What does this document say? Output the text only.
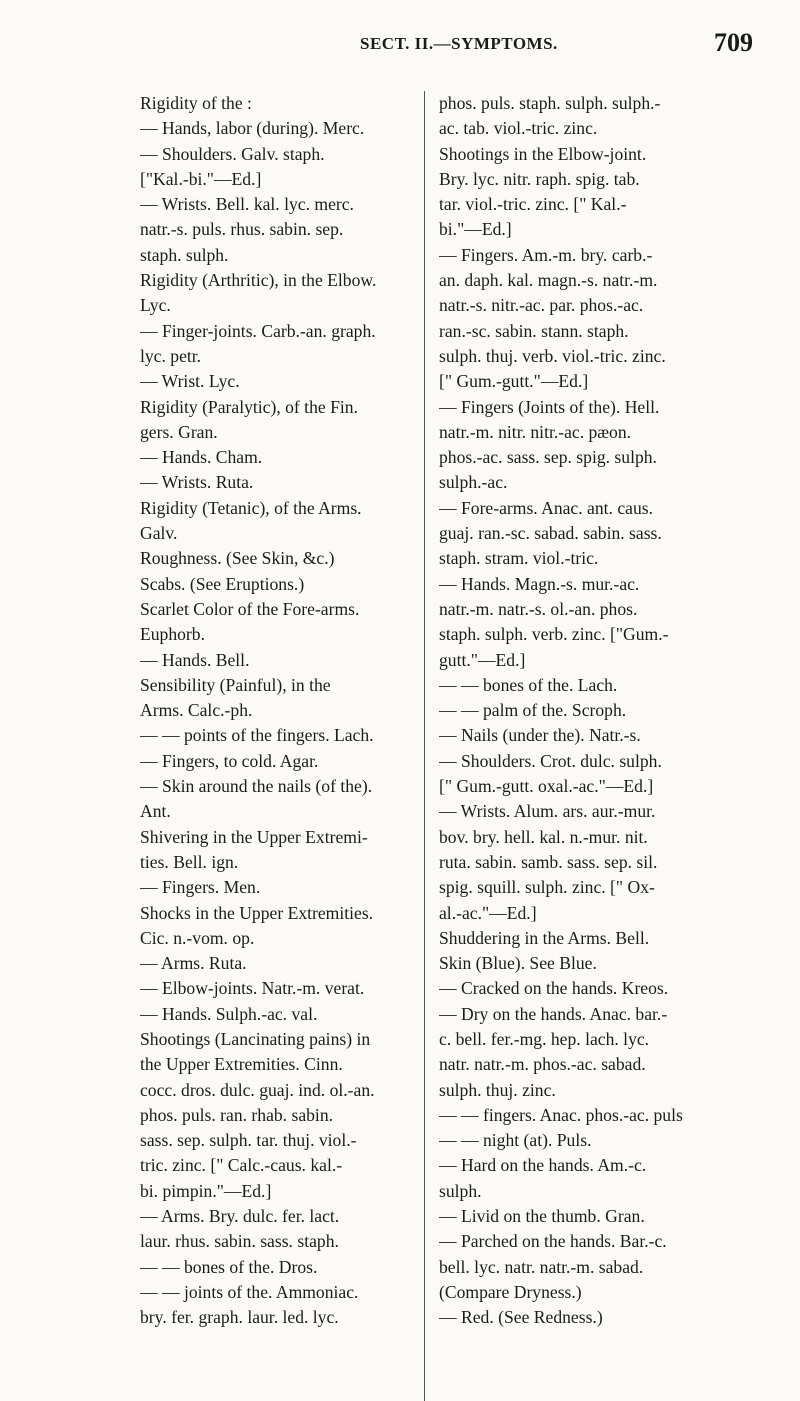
SECT. II.—SYMPTOMS.	709
Rigidity of the :
— Hands, labor (during). Merc.
— Shoulders. Galv. staph.
["Kal.-bi."—Ed.]
— Wrists. Bell. kal. lyc. merc.
natr.-s. puls. rhus. sabin. sep.
staph. sulph.
Rigidity (Arthritic), in the Elbow.
Lyc.
— Finger-joints. Carb.-an. graph.
lyc. petr.
— Wrist. Lyc.
Rigidity (Paralytic), of the Fin.
gers. Gran.
— Hands. Cham.
— Wrists. Ruta.
Rigidity (Tetanic), of the Arms.
Galv.
Roughness. (See Skin, &c.)
Scabs. (See Eruptions.)
Scarlet Color of the Fore-arms.
Euphorb.
— Hands. Bell.
Sensibility (Painful), in the
Arms. Calc.-ph.
— — points of the fingers. Lach.
— Fingers, to cold. Agar.
— Skin around the nails (of the).
Ant.
Shivering in the Upper Extremi-
ties. Bell. ign.
— Fingers. Men.
Shocks in the Upper Extremities.
Cic. n.-vom. op.
— Arms. Ruta.
— Elbow-joints. Natr.-m. verat.
— Hands. Sulph.-ac. val.
Shootings (Lancinating pains) in
the Upper Extremities. Cinn.
cocc. dros. dulc. guaj. ind. ol.-an.
phos. puls. ran. rhab. sabin.
sass. sep. sulph. tar. thuj. viol.-
tric. zinc. [" Calc.-caus. kal.-
bi. pimpin."—Ed.]
— Arms. Bry. dulc. fer. lact.
laur. rhus. sabin. sass. staph.
— — bones of the. Dros.
— — joints of the. Ammoniac.
bry. fer. graph. laur. led. lyc.
phos. puls. staph. sulph. sulph.-
ac. tab. viol.-tric. zinc.
Shootings in the Elbow-joint.
Bry. lyc. nitr. raph. spig. tab.
tar. viol.-tric. zinc. [" Kal.-
bi."—Ed.]
— Fingers. Am.-m. bry. carb.-
an. daph. kal. magn.-s. natr.-m.
natr.-s. nitr.-ac. par. phos.-ac.
ran.-sc. sabin. stann. staph.
sulph. thuj. verb. viol.-tric. zinc.
[" Gum.-gutt."—Ed.]
— Fingers (Joints of the). Hell.
natr.-m. nitr. nitr.-ac. pæon.
phos.-ac. sass. sep. spig. sulph.
sulph.-ac.
— Fore-arms. Anac. ant. caus.
guaj. ran.-sc. sabad. sabin. sass.
staph. stram. viol.-tric.
— Hands. Magn.-s. mur.-ac.
natr.-m. natr.-s. ol.-an. phos.
staph. sulph. verb. zinc. ["Gum.-
gutt."—Ed.]
— — bones of the. Lach.
— — palm of the. Scroph.
— Nails (under the). Natr.-s.
— Shoulders. Crot. dulc. sulph.
[" Gum.-gutt. oxal.-ac."—Ed.]
— Wrists. Alum. ars. aur.-mur.
bov. bry. hell. kal. n.-mur. nit.
ruta. sabin. samb. sass. sep. sil.
spig. squill. sulph. zinc. [" Ox-
al.-ac."—Ed.]
Shuddering in the Arms. Bell.
Skin (Blue). See Blue.
— Cracked on the hands. Kreos.
— Dry on the hands. Anac. bar.-
c. bell. fer.-mg. hep. lach. lyc.
natr. natr.-m. phos.-ac. sabad.
sulph. thuj. zinc.
— — fingers. Anac. phos.-ac. puls
— — night (at). Puls.
— Hard on the hands. Am.-c.
sulph.
— Livid on the thumb. Gran.
— Parched on the hands. Bar.-c.
bell. lyc. natr. natr.-m. sabad.
(Compare Dryness.)
— Red. (See Redness.)
